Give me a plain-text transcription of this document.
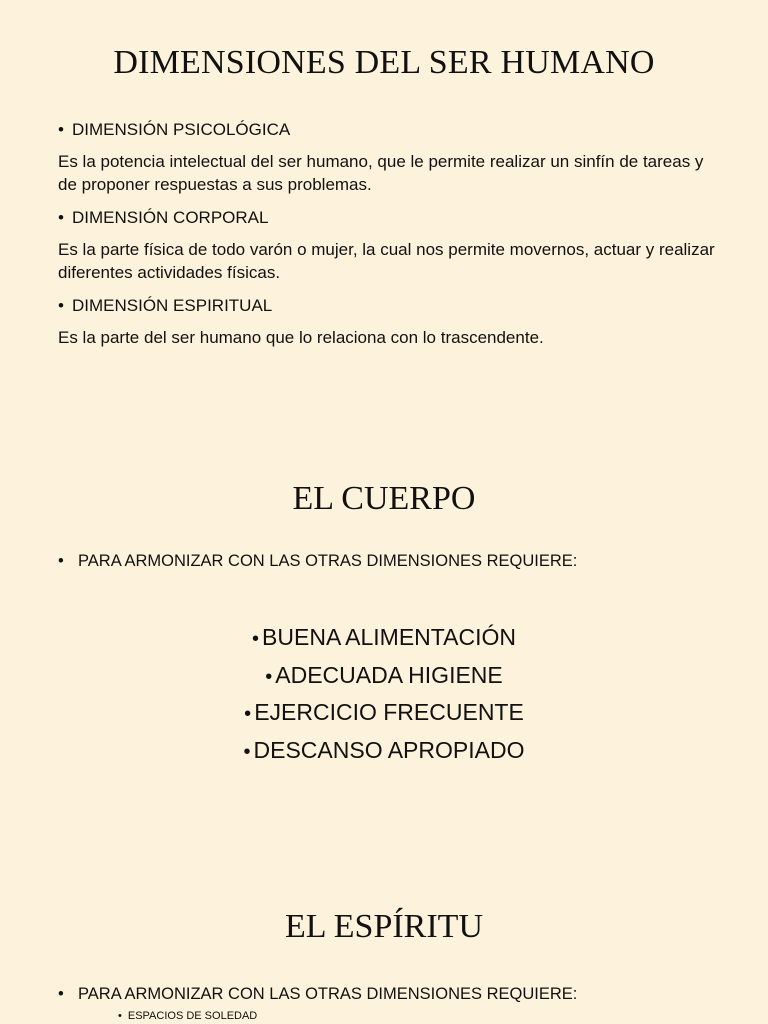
DIMENSIONES DEL SER HUMANO
• DIMENSIÓN PSICOLÓGICA
Es la potencia intelectual del ser humano, que le permite realizar un sinfín de tareas y de proponer respuestas a sus problemas.
• DIMENSIÓN CORPORAL
Es la parte física de todo varón o mujer, la cual nos permite movernos, actuar y realizar diferentes actividades físicas.
• DIMENSIÓN ESPIRITUAL
Es la parte del ser humano que lo relaciona con lo trascendente.
EL CUERPO
• PARA ARMONIZAR CON LAS OTRAS DIMENSIONES REQUIERE:
• BUENA ALIMENTACIÓN
• ADECUADA HIGIENE
• EJERCICIO FRECUENTE
• DESCANSO APROPIADO
EL ESPÍRITU
• PARA ARMONIZAR CON LAS OTRAS DIMENSIONES REQUIERE:
• ESPACIOS DE SOLEDAD
